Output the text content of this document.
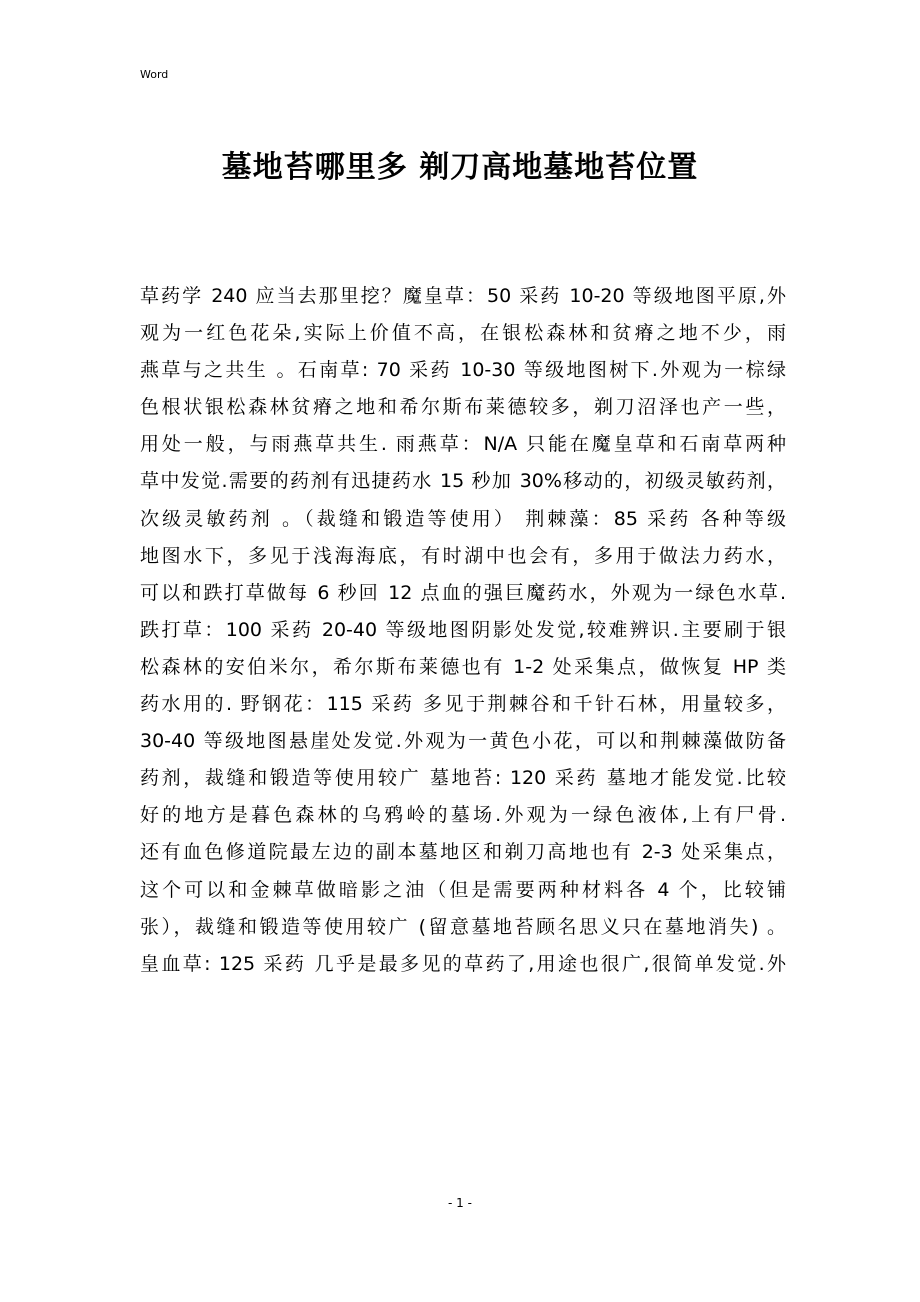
Word
墓地苔哪里多 剃刀高地墓地苔位置
草药学 240 应当去那里挖？魔皇草：50 采药 10-20 等级地图平原,外
观为一红色花朵,实际上价值不高，在银松森林和贫瘠之地不少，雨
燕草与之共生 。石南草: 70 采药 10-30 等级地图树下.外观为一棕绿
色根状银松森林贫瘠之地和希尔斯布莱德较多，剃刀沼泽也产一些，
用处一般，与雨燕草共生. 雨燕草：N/A 只能在魔皇草和石南草两种
草中发觉.需要的药剂有迅捷药水 15 秒加 30%移动的，初级灵敏药剂，
次级灵敏药剂 。（裁缝和锻造等使用） 荆棘藻：85 采药 各种等级
地图水下，多见于浅海海底，有时湖中也会有，多用于做法力药水，
可以和跌打草做每 6 秒回 12 点血的强巨魔药水，外观为一绿色水草.
跌打草：100 采药 20-40 等级地图阴影处发觉,较难辨识.主要刷于银
松森林的安伯米尔，希尔斯布莱德也有 1-2 处采集点，做恢复 HP 类
药水用的. 野钢花：115 采药 多见于荆棘谷和千针石林，用量较多，
30-40 等级地图悬崖处发觉.外观为一黄色小花，可以和荆棘藻做防备
药剂，裁缝和锻造等使用较广 墓地苔: 120 采药 墓地才能发觉.比较
好的地方是暮色森林的乌鸦岭的墓场.外观为一绿色液体,上有尸骨.
还有血色修道院最左边的副本墓地区和剃刀高地也有 2-3 处采集点，
这个可以和金棘草做暗影之油（但是需要两种材料各 4 个，比较铺
张），裁缝和锻造等使用较广 (留意墓地苔顾名思义只在墓地消失) 。
皇血草: 125 采药 几乎是最多见的草药了,用途也很广,很简单发觉.外
- 1 -
